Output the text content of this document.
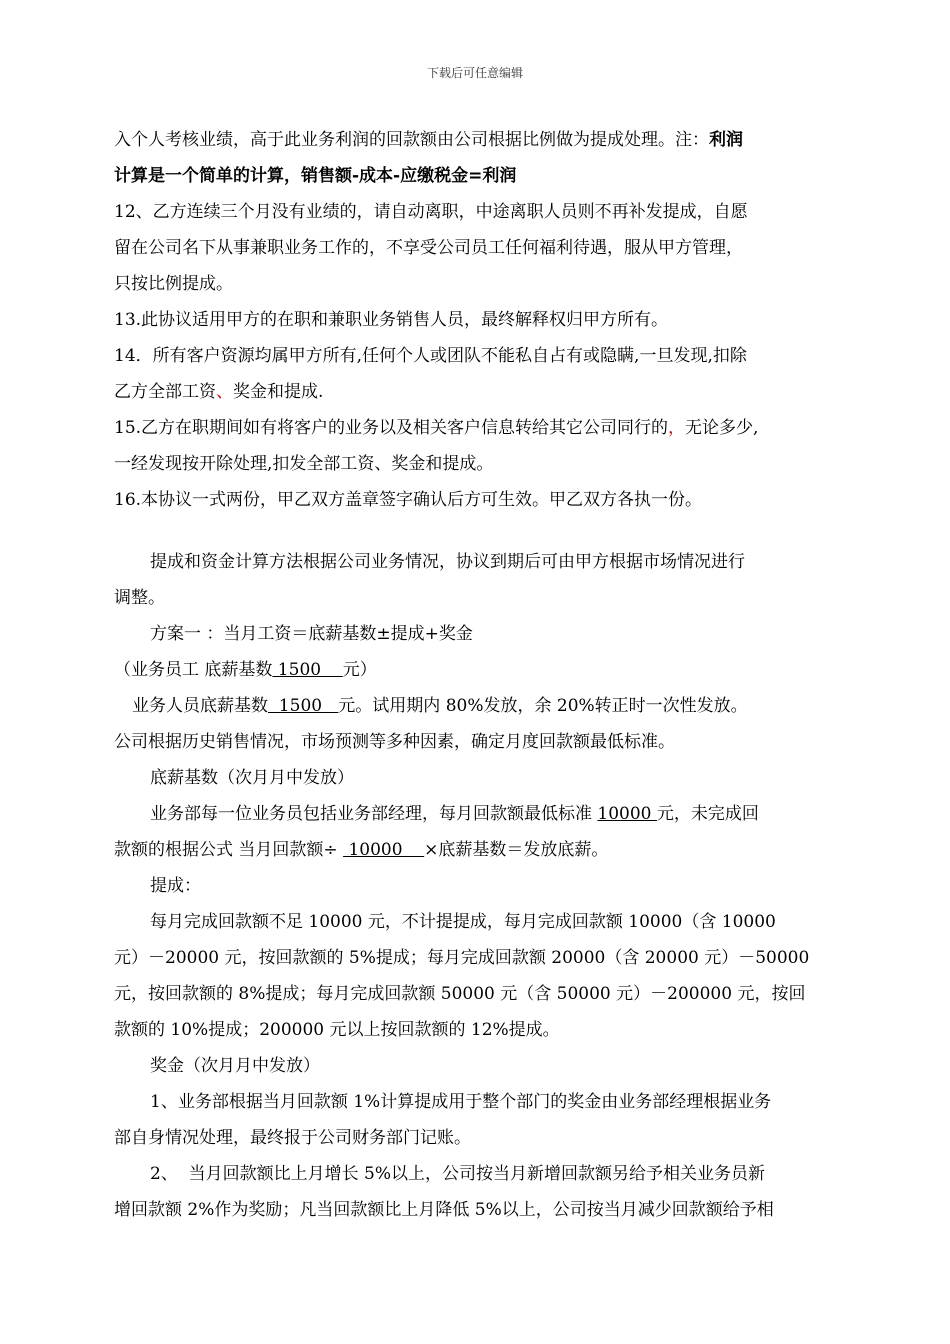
下载后可任意编辑
入个人考核业绩，高于此业务利润的回款额由公司根据比例做为提成处理。注：利润
计算是一个简单的计算，销售额-成本-应缴税金=利润
12、乙方连续三个月没有业绩的，请自动离职，中途离职人员则不再补发提成，自愿
留在公司名下从事兼职业务工作的，不享受公司员工任何福利待遇，服从甲方管理，
只按比例提成。
13.此协议适用甲方的在职和兼职业务销售人员，最终解释权归甲方所有。
14．所有客户资源均属甲方所有,任何个人或团队不能私自占有或隐瞒,一旦发现,扣除
乙方全部工资、奖金和提成.
15.乙方在职期间如有将客户的业务以及相关客户信息转给其它公司同行的，无论多少,
一经发现按开除处理,扣发全部工资、奖金和提成。
16.本协议一式两份，甲乙双方盖章签字确认后方可生效。甲乙双方各执一份。
提成和资金计算方法根据公司业务情况，协议到期后可由甲方根据市场情况进行
调整。
方案一 ：当月工资＝底薪基数±提成+奖金
（业务员工 底薪基数 1500    元）
业务人员底薪基数  1500   元。试用期内 80%发放，余 20%转正时一次性发放。
公司根据历史销售情况，市场预测等多种因素，确定月度回款额最低标准。
底薪基数（次月月中发放）
业务部每一位业务员包括业务部经理，每月回款额最低标准 10000 元，未完成回
款额的根据公式 当月回款额÷  10000    ×底薪基数＝发放底薪。
提成：
每月完成回款额不足 10000 元，不计提提成，每月完成回款额 10000（含 10000
元）－20000 元，按回款额的 5%提成；每月完成回款额 20000（含 20000 元）－50000
元，按回款额的 8%提成；每月完成回款额 50000 元（含 50000 元）－200000 元，按回
款额的 10%提成；200000 元以上按回款额的 12%提成。
奖金（次月月中发放）
1、业务部根据当月回款额 1%计算提成用于整个部门的奖金由业务部经理根据业务
部自身情况处理，最终报于公司财务部门记账。
2、  当月回款额比上月增长 5%以上，公司按当月新增回款额另给予相关业务员新
增回款额 2%作为奖励；凡当回款额比上月降低 5%以上，公司按当月减少回款额给予相
